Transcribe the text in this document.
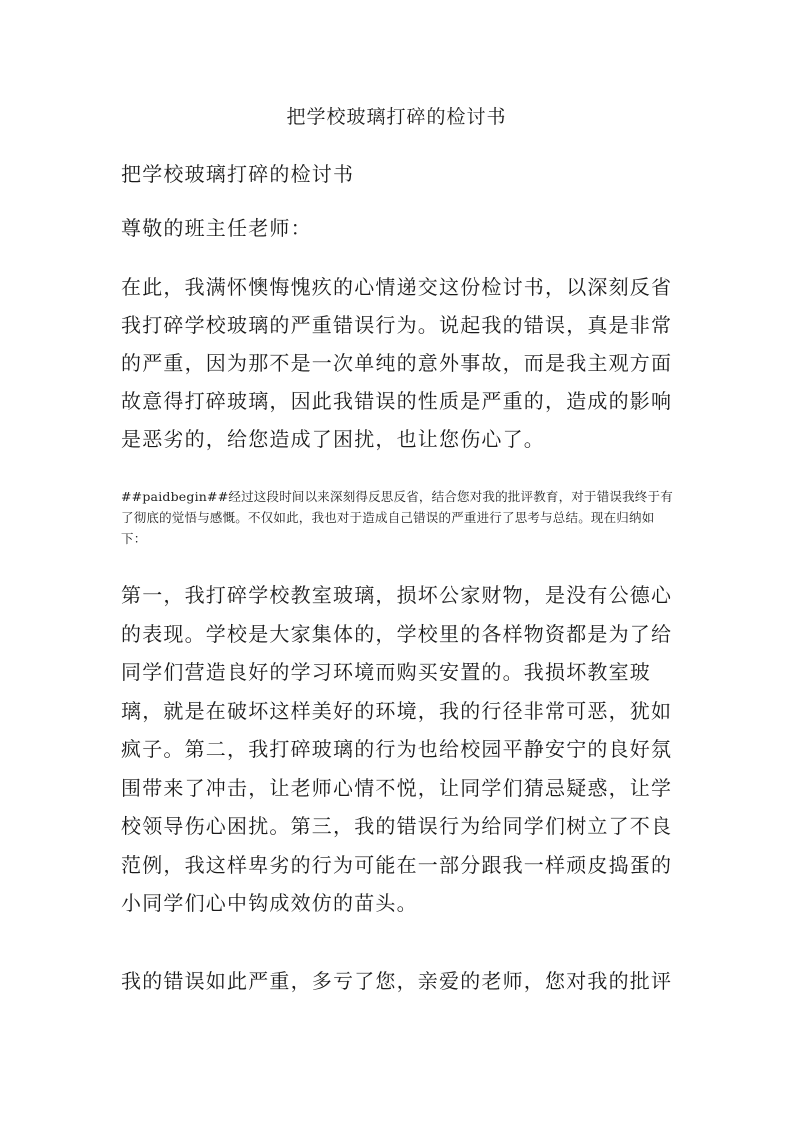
把学校玻璃打碎的检讨书
把学校玻璃打碎的检讨书
尊敬的班主任老师：
在此，我满怀懊悔愧疚的心情递交这份检讨书，以深刻反省我打碎学校玻璃的严重错误行为。说起我的错误，真是非常的严重，因为那不是一次单纯的意外事故，而是我主观方面故意得打碎玻璃，因此我错误的性质是严重的，造成的影响是恶劣的，给您造成了困扰，也让您伤心了。
##paidbegin##经过这段时间以来深刻得反思反省，结合您对我的批评教育，对于错误我终于有了彻底的觉悟与感慨。不仅如此，我也对于造成自己错误的严重进行了思考与总结。现在归纳如下：
第一，我打碎学校教室玻璃，损坏公家财物，是没有公德心的表现。学校是大家集体的，学校里的各样物资都是为了给同学们营造良好的学习环境而购买安置的。我损坏教室玻璃，就是在破坏这样美好的环境，我的行径非常可恶，犹如疯子。第二，我打碎玻璃的行为也给校园平静安宁的良好氛围带来了冲击，让老师心情不悦，让同学们猜忌疑惑，让学校领导伤心困扰。第三，我的错误行为给同学们树立了不良范例，我这样卑劣的行为可能在一部分跟我一样顽皮捣蛋的小同学们心中钩成效仿的苗头。
我的错误如此严重，多亏了您，亲爱的老师，您对我的批评
